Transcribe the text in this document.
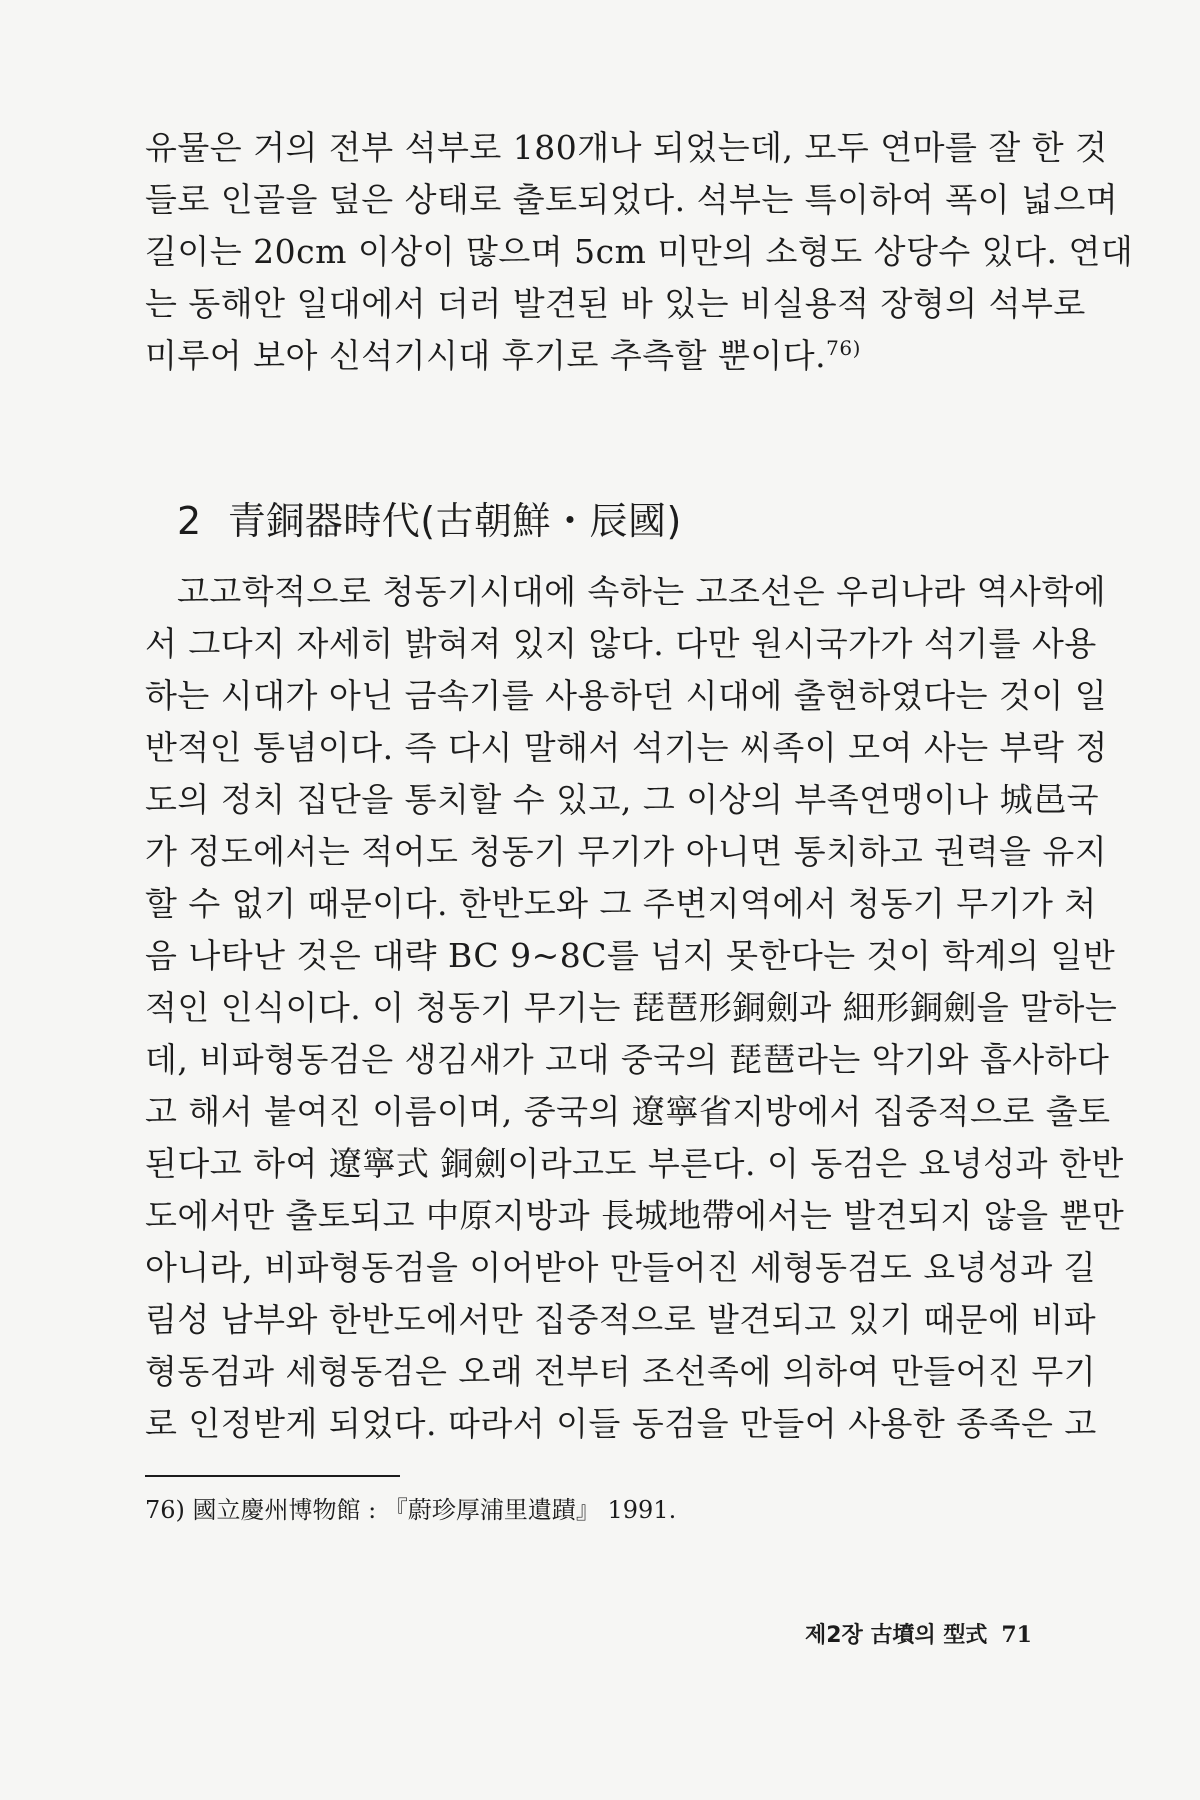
유물은 거의 전부 석부로 180개나 되었는데, 모두 연마를 잘 한 것
들로 인골을 덮은 상태로 출토되었다. 석부는 특이하여 폭이 넓으며
길이는 20cm 이상이 많으며 5cm 미만의 소형도 상당수 있다. 연대
는 동해안 일대에서 더러 발견된 바 있는 비실용적 장형의 석부로
미루어 보아 신석기시대 후기로 추측할 뿐이다.$^{76)}$
2 青銅器時代(古朝鮮・辰國)
고고학적으로 청동기시대에 속하는 고조선은 우리나라 역사학에
서 그다지 자세히 밝혀져 있지 않다. 다만 원시국가가 석기를 사용
하는 시대가 아닌 금속기를 사용하던 시대에 출현하였다는 것이 일
반적인 통념이다. 즉 다시 말해서 석기는 씨족이 모여 사는 부락 정
도의 정치 집단을 통치할 수 있고, 그 이상의 부족연맹이나 城邑국
가 정도에서는 적어도 청동기 무기가 아니면 통치하고 권력을 유지
할 수 없기 때문이다. 한반도와 그 주변지역에서 청동기 무기가 처
음 나타난 것은 대략 BC 9~8C를 넘지 못한다는 것이 학계의 일반
적인 인식이다. 이 청동기 무기는 琵琶形銅劍과 細形銅劍을 말하는
데, 비파형동검은 생김새가 고대 중국의 琵琶라는 악기와 흡사하다
고 해서 붙여진 이름이며, 중국의 遼寧省지방에서 집중적으로 출토
된다고 하여 遼寧式 銅劍이라고도 부른다. 이 동검은 요녕성과 한반
도에서만 출토되고 中原지방과 長城地帶에서는 발견되지 않을 뿐만
아니라, 비파형동검을 이어받아 만들어진 세형동검도 요녕성과 길
림성 남부와 한반도에서만 집중적으로 발견되고 있기 때문에 비파
형동검과 세형동검은 오래 전부터 조선족에 의하여 만들어진 무기
로 인정받게 되었다. 따라서 이들 동검을 만들어 사용한 종족은 고
76) 國立慶州博物館 : 『蔚珍厚浦里遺蹟』 1991.
제2장 古墳의 型式 71
